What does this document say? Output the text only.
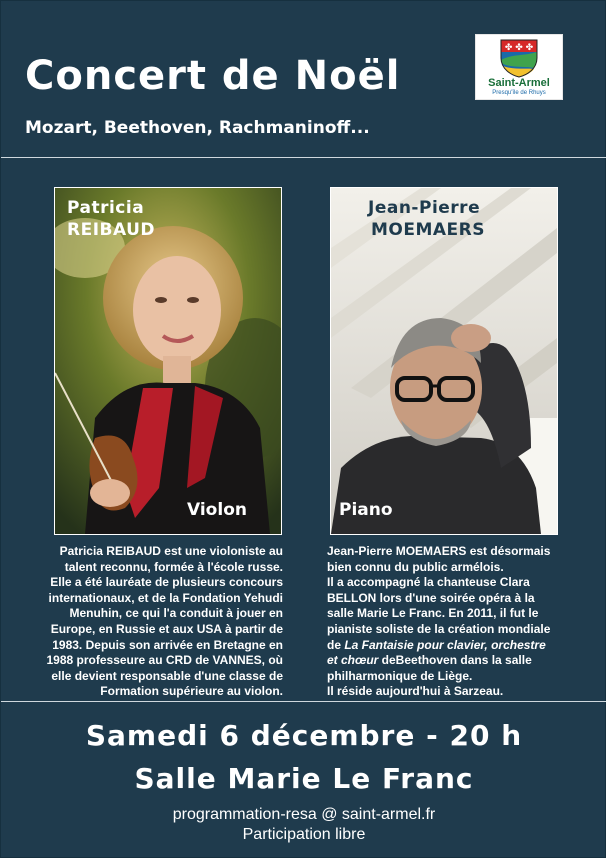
Concert de Noël
Mozart, Beethoven, Rachmaninoff...
✤ ✤ ✤
Saint-Armel
Presqu'île de Rhuys
Patricia
REIBAUD
Violon
Jean-Pierre
MOEMAERS
Piano

Patricia REIBAUD est une violoniste au

talent reconnu, formée à l'école russe.

Elle a été lauréate de plusieurs concours

internationaux, et de la Fondation Yehudi

Menuhin, ce qui l'a conduit à jouer en

Europe, en Russie et aux USA à partir de

1983. Depuis son arrivée en Bretagne en

1988 professeure au CRD de VANNES, où

elle devient responsable d'une classe de

Formation supérieure au violon.

Jean-Pierre MOEMAERS est désormais

bien connu du public armélois.

Il a accompagné la chanteuse Clara

BELLON lors d'une soirée opéra à la

salle Marie Le Franc. En 2011, il fut le

pianiste soliste de la création mondiale

de La Fantaisie pour clavier, orchestre

et chœur deBeethoven dans la salle

philharmonique de Liège.

Il réside aujourd'hui à Sarzeau.

Samedi 6 décembre - 20 h
Salle Marie Le Franc
programmation-resa @ saint-armel.fr
Participation libre
